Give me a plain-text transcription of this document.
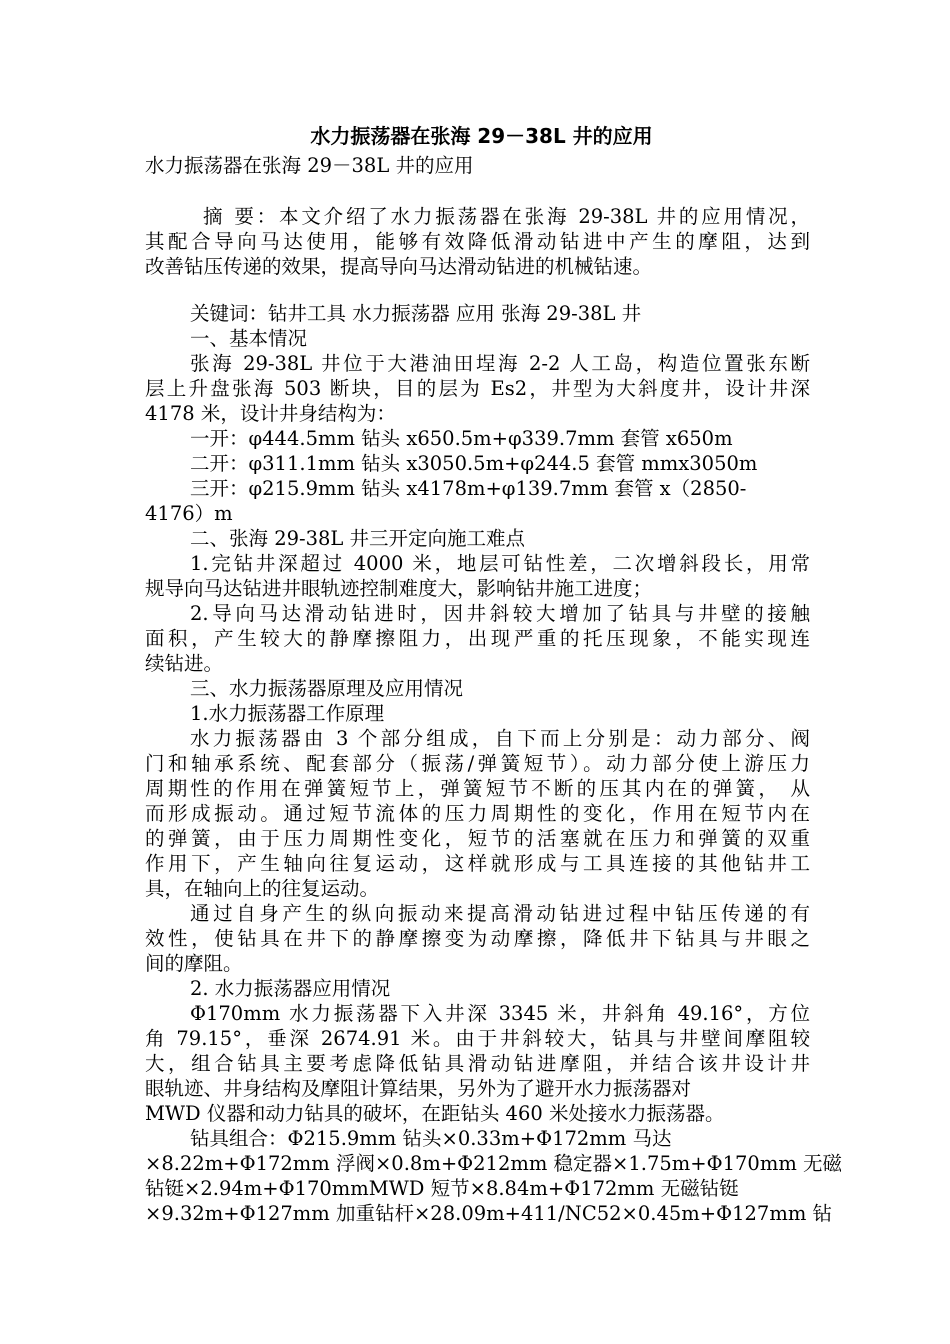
水力振荡器在张海 29－38L 井的应用

水力振荡器在张海 29－38L 井的应用

摘 要：本文介绍了水力振荡器在张海 29-38L 井的应用情况，

其配合导向马达使用，能够有效降低滑动钻进中产生的摩阻，达到

改善钻压传递的效果，提高导向马达滑动钻进的机械钻速。

关键词：钻井工具 水力振荡器 应用 张海 29-38L 井

一、基本情况

张海 29-38L 井位于大港油田埕海 2-2 人工岛，构造位置张东断

层上升盘张海 503 断块，目的层为 Es2，井型为大斜度井，设计井深

4178 米，设计井身结构为：

一开：φ444.5mm 钻头 x650.5m+φ339.7mm 套管 x650m

二开：φ311.1mm 钻头 x3050.5m+φ244.5 套管 mmx3050m

三开：φ215.9mm 钻头 x4178m+φ139.7mm 套管 x（2850-

4176）m

二、张海 29-38L 井三开定向施工难点

1.完钻井深超过 4000 米，地层可钻性差，二次增斜段长，用常

规导向马达钻进井眼轨迹控制难度大，影响钻井施工进度；

2.导向马达滑动钻进时，因井斜较大增加了钻具与井壁的接触

面积，产生较大的静摩擦阻力，出现严重的托压现象，不能实现连

续钻进。

三、水力振荡器原理及应用情况

1.水力振荡器工作原理

水力振荡器由 3 个部分组成，自下而上分别是：动力部分、阀

门和轴承系统、配套部分（振荡/弹簧短节）。动力部分使上游压力

周期性的作用在弹簧短节上，弹簧短节不断的压其内在的弹簧， 从

而形成振动。通过短节流体的压力周期性的变化，作用在短节内在

的弹簧，由于压力周期性变化，短节的活塞就在压力和弹簧的双重

作用下，产生轴向往复运动，这样就形成与工具连接的其他钻井工

具，在轴向上的往复运动。

通过自身产生的纵向振动来提高滑动钻进过程中钻压传递的有

效性，使钻具在井下的静摩擦变为动摩擦，降低井下钻具与井眼之

间的摩阻。

2. 水力振荡器应用情况

Φ170mm 水力振荡器下入井深 3345 米，井斜角 49.16°，方位

角 79.15°，垂深 2674.91 米。由于井斜较大，钻具与井壁间摩阻较

大，组合钻具主要考虑降低钻具滑动钻进摩阻，并结合该井设计井

眼轨迹、井身结构及摩阻计算结果，另外为了避开水力振荡器对

MWD 仪器和动力钻具的破坏，在距钻头 460 米处接水力振荡器。

钻具组合：Φ215.9mm 钻头×0.33m+Φ172mm 马达

×8.22m+Φ172mm 浮阀×0.8m+Φ212mm 稳定器×1.75m+Φ170mm 无磁

钻铤×2.94m+Φ170mmMWD 短节×8.84m+Φ172mm 无磁钻铤

×9.32m+Φ127mm 加重钻杆×28.09m+411/NC52×0.45m+Φ127mm 钻
